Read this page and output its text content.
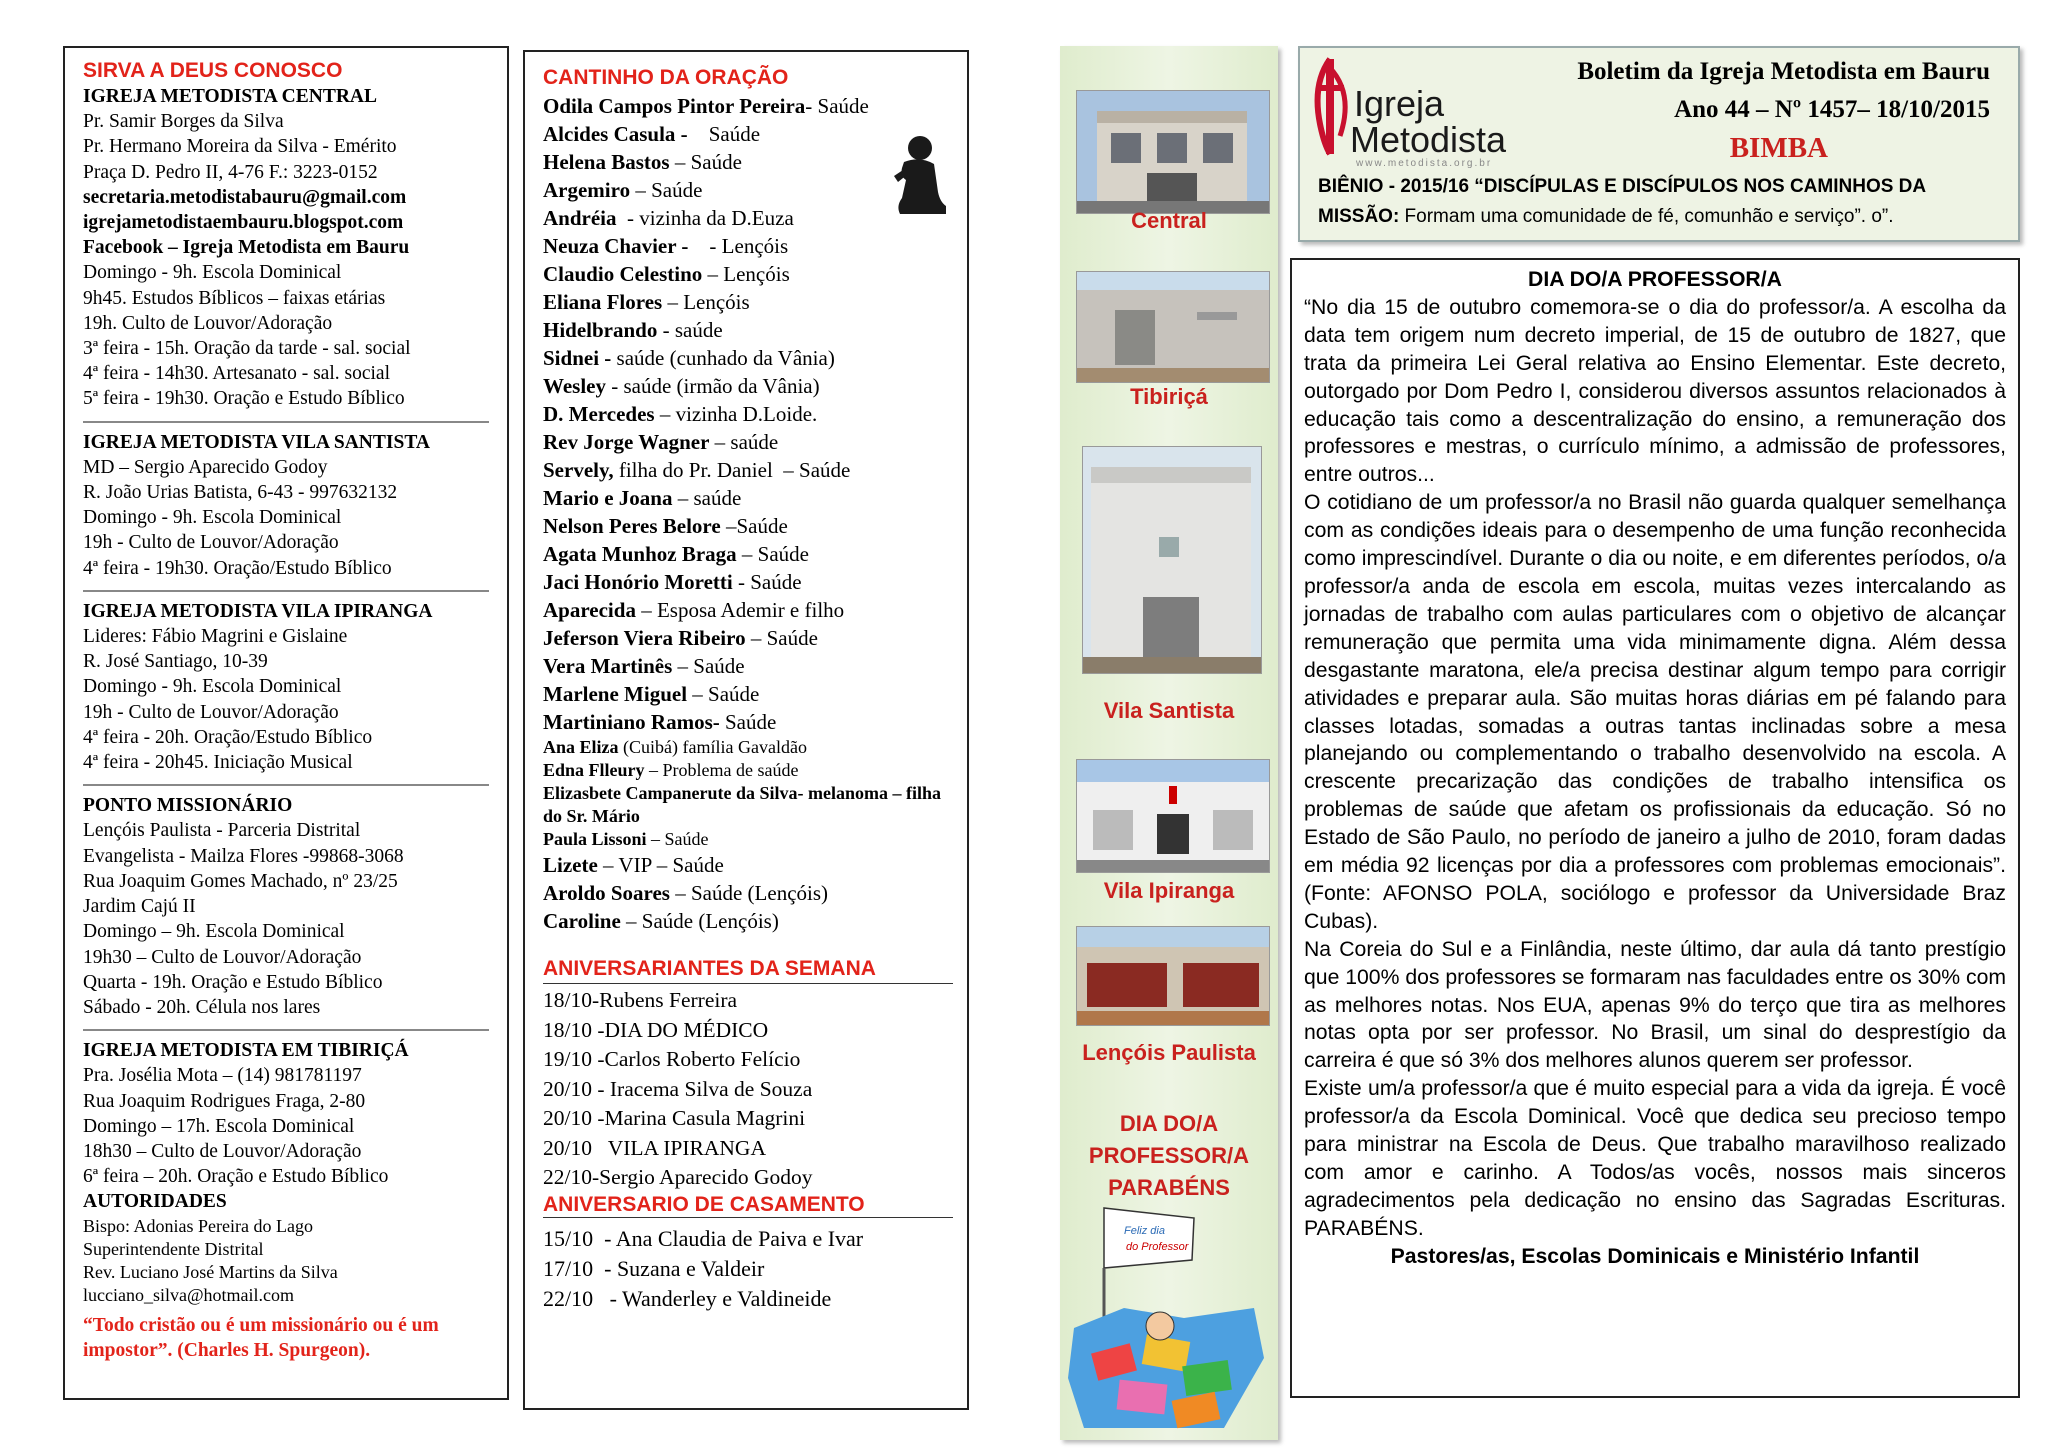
SIRVA A DEUS CONOSCO
IGREJA METODISTA CENTRAL
Pr. Samir Borges da Silva
Pr. Hermano Moreira da Silva - Emérito
Praça D. Pedro II, 4-76 F.: 3223-0152
secretaria.metodistabauru@gmail.com
igrejametodistaembauru.blogspot.com
Facebook – Igreja Metodista em Bauru
Domingo - 9h. Escola Dominical
9h45. Estudos Bíblicos – faixas etárias
19h. Culto de Louvor/Adoração
3ª feira - 15h. Oração da tarde - sal. social
4ª feira - 14h30. Artesanato - sal. social
5ª feira - 19h30. Oração e Estudo Bíblico
IGREJA METODISTA VILA SANTISTA
MD – Sergio Aparecido Godoy
R. João Urias Batista, 6-43 - 997632132
Domingo - 9h. Escola Dominical
19h - Culto de Louvor/Adoração
4ª feira - 19h30. Oração/Estudo Bíblico
IGREJA METODISTA VILA IPIRANGA
Lideres: Fábio Magrini e Gislaine
R. José Santiago, 10-39
Domingo - 9h. Escola Dominical
19h - Culto de Louvor/Adoração
4ª feira - 20h. Oração/Estudo Bíblico
4ª feira - 20h45. Iniciação Musical
PONTO MISSIONÁRIO
Lençóis Paulista - Parceria Distrital
Evangelista - Mailza Flores -99868-3068
Rua Joaquim Gomes Machado, nº 23/25
Jardim Cajú II
Domingo – 9h. Escola Dominical
19h30 – Culto de Louvor/Adoração
Quarta - 19h. Oração e Estudo Bíblico
Sábado - 20h. Célula nos lares
IGREJA METODISTA EM TIBIRIÇÁ
Pra. Josélia Mota – (14) 981781197
Rua Joaquim Rodrigues Fraga, 2-80
Domingo – 17h. Escola Dominical
18h30 – Culto de Louvor/Adoração
6ª feira – 20h. Oração e Estudo Bíblico
AUTORIDADES
Bispo: Adonias Pereira do Lago
Superintendente Distrital
Rev. Luciano José Martins da Silva
lucciano_silva@hotmail.com
“Todo cristão ou é um missionário ou é um impostor”. (Charles H. Spurgeon).
CANTINHO DA ORAÇÃO
Odila Campos Pintor Pereira- Saúde
Alcides Casula -    Saúde
Helena Bastos – Saúde
Argemiro – Saúde
Andréia  - vizinha da D.Euza
Neuza Chavier -    - Lençóis
Claudio Celestino – Lençóis
Eliana Flores – Lençóis
Hidelbrando - saúde
Sidnei - saúde (cunhado da Vânia)
Wesley - saúde (irmão da Vânia)
D. Mercedes – vizinha D.Loide.
Rev Jorge Wagner – saúde
Servely, filha do Pr. Daniel  – Saúde
Mario e Joana – saúde
Nelson Peres Belore –Saúde
Agata Munhoz Braga – Saúde
Jaci Honório Moretti - Saúde
Aparecida – Esposa Ademir e filho
Jeferson Viera Ribeiro – Saúde
Vera Martinês – Saúde
Marlene Miguel – Saúde
Martiniano Ramos- Saúde
Ana Eliza (Cuibá) família Gavaldão
Edna Flleury – Problema de saúde
Elizasbete Campanerute da Silva- melanoma – filha do Sr. Mário
Paula Lissoni – Saúde
Lizete – VIP – Saúde
Aroldo Soares – Saúde (Lençóis)
Caroline – Saúde (Lençóis)
ANIVERSARIANTES DA SEMANA
18/10-Rubens Ferreira
18/10 -DIA DO MÉDICO
19/10 -Carlos Roberto Felício
20/10 - Iracema Silva de Souza
20/10 -Marina Casula Magrini
20/10   VILA IPIRANGA
22/10-Sergio Aparecido Godoy
ANIVERSARIO DE CASAMENTO
15/10  - Ana Claudia de Paiva e Ivar
17/10  - Suzana e Valdeir
22/10   - Wanderley e Valdineide
Central
Tibiriçá
Vila Santista
Vila Ipiranga
Lençóis Paulista
DIA DO/A
PROFESSOR/A
PARABÉNS
Feliz dia
do Professor
Igreja
Metodista
www.metodista.org.br
Boletim da Igreja Metodista em Bauru
Ano 44 – Nº 1457– 18/10/2015
BIMBA
BIÊNIO - 2015/16 “DISCÍPULAS E DISCÍPULOS NOS CAMINHOS DA
MISSÃO: Formam uma comunidade de fé, comunhão e serviço”. o”.
DIA DO/A PROFESSOR/A

“No dia 15 de outubro comemora-se o dia do professor/a. A escolha da data tem origem num decreto imperial, de 15 de outubro de 1827, que trata da primeira Lei Geral relativa ao Ensino Elementar. Este decreto, outorgado por Dom Pedro I, considerou diversos assuntos relacionados à educação tais como a descentralização do ensino, a remuneração dos professores e mestras, o currículo mínimo, a admissão de professores, entre outros...

O cotidiano de um professor/a no Brasil não guarda qualquer semelhança com as condições ideais para o desempenho de uma função reconhecida como imprescindível. Durante o dia ou noite, e em diferentes períodos, o/a professor/a anda de escola em escola, muitas vezes intercalando as jornadas de trabalho com aulas particulares com o objetivo de alcançar remuneração que permita uma vida minimamente digna. Além dessa desgastante maratona, ele/a precisa destinar algum tempo para corrigir atividades e preparar aula. São muitas horas diárias em pé falando para classes lotadas, somadas a outras tantas inclinadas sobre a mesa planejando ou complementando o trabalho desenvolvido na escola. A crescente precarização das condições de trabalho intensifica os problemas de saúde que afetam os profissionais da educação. Só no Estado de São Paulo, no período de janeiro a julho de 2010, foram dadas em média 92 licenças por dia a professores com problemas emocionais”. (Fonte: AFONSO POLA, sociólogo e professor da Universidade Braz Cubas).

Na Coreia do Sul e a Finlândia, neste último, dar aula dá tanto prestígio que 100% dos professores se formaram nas faculdades entre os 30% com as melhores notas. Nos EUA, apenas 9% do terço que tira as melhores notas opta por ser professor. No Brasil, um sinal do desprestígio da carreira é que só 3% dos melhores alunos querem ser professor.

Existe um/a professor/a que é muito especial para a vida da igreja. É você professor/a da Escola Dominical. Você que dedica seu precioso tempo para ministrar na Escola de Deus. Que trabalho maravilhoso realizado com amor e carinho. A Todos/as vocês, nossos mais sinceros agradecimentos pela dedicação no ensino das Sagradas Escrituras. PARABÉNS.

Pastores/as, Escolas Dominicais e Ministério Infantil
